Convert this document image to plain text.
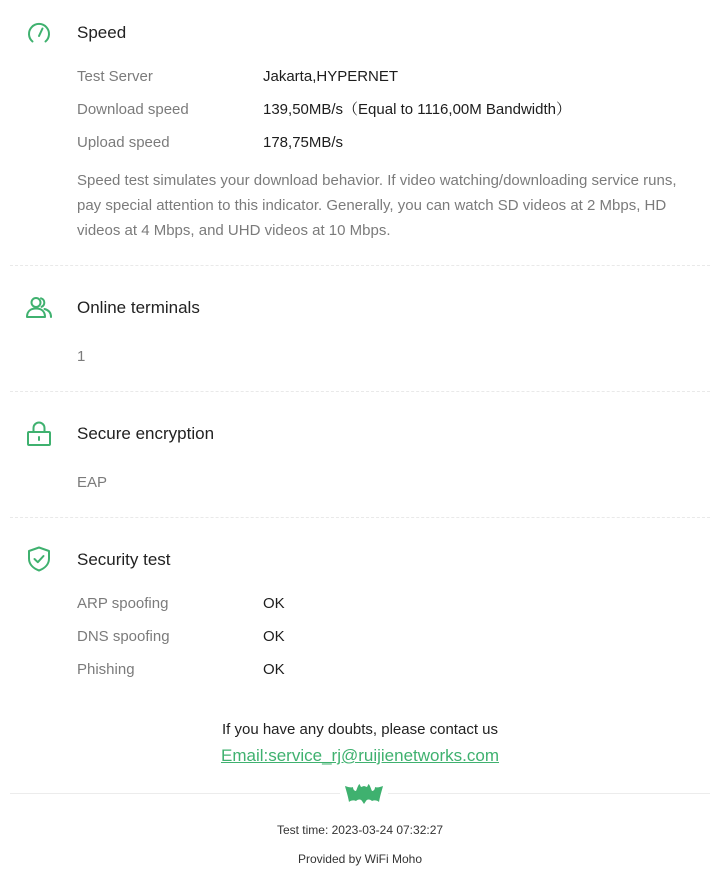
Speed
Test Server	Jakarta,HYPERNET
Download speed	139,50MB/s（Equal to 1116,00M Bandwidth）
Upload speed	178,75MB/s
Speed test simulates your download behavior. If video watching/downloading service runs, pay special attention to this indicator. Generally, you can watch SD videos at 2 Mbps, HD videos at 4 Mbps, and UHD videos at 10 Mbps.
Online terminals
1
Secure encryption
EAP
Security test
ARP spoofing	OK
DNS spoofing	OK
Phishing	OK
If you have any doubts, please contact us
Email:service_rj@ruijienetworks.com
Test time: 2023-03-24 07:32:27
Provided by WiFi Moho
